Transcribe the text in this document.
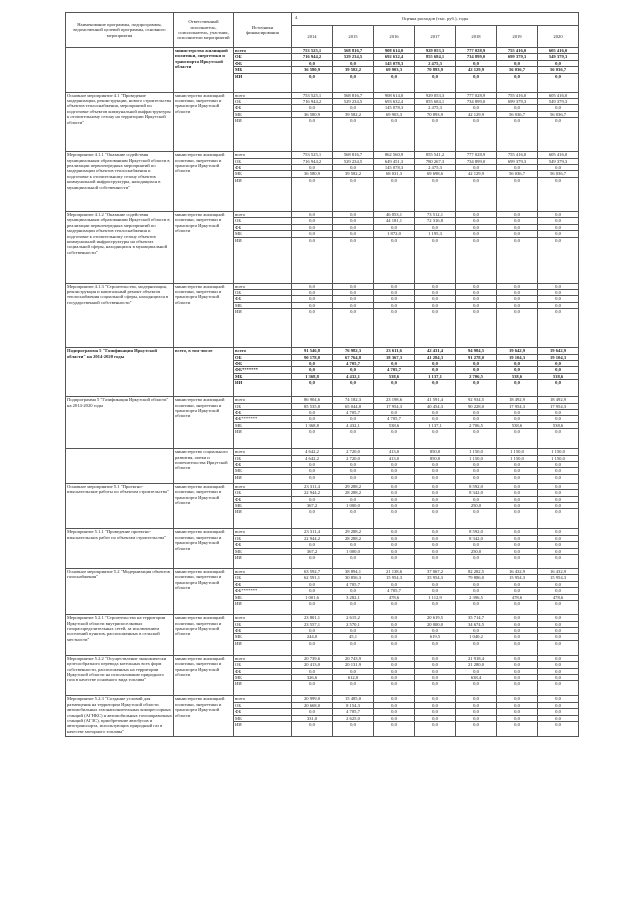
Наименование программы, подпрограммы, ведомственной целевой программы, основного мероприятия	Ответственный исполнитель, соисполнитель, участник, исполнители мероприятий	Источники финансирования	4 Оценка расходов (тыс. руб.), годы						

			2014	2015	2016	2017	2018	2019	2020
	министерство жилищной политики, энергетики и транспорта Иркутской области	всего	753 525,1	568 816,7	908 614,0	929 053,3	777 028,9	755 416,0	605 416,0
		ОБ	716 944,2	529 234,5	692 632,4	855 684,1	734 899,0	699 379,3	549 379,3
		ФБ	0,0	0,0	145 078,3	2 475,3	0,0	0,0	0,0
		МБ	36 580,9	39 582,2	69 903,3	70 893,9	42 129,9	56 036,7	56 036,7
		ИИ	0,0	0,0	0,0	0,0	0,0	0,0	0,0
Основное мероприятие 4.1 "Проведение модернизации, реконструкции, нового строительства объектов теплоснабжения, мероприятий по подготовке объектов коммунальной инфраструктуры к отопительному сезону на территории Иркутской области"	министерство жилищной политики, энергетики и транспорта Иркутской области	всего	753 525,1	568 816,7	908 614,0	929 053,3	777 028,9	755 416,0	605 416,0
		ОБ	716 944,2	529 234,5	693 632,4	855 684,1	734 899,0	699 379,3	549 379,3
		ФБ	0,0	0,0	145 078,3	2 475,3	0,0	0,0	0,0
		МБ	36 580,9	39 582,2	69 903,3	70 893,9	42 129,9	56 036,7	56 036,7
		ИИ	0,0	0,0	0,0	0,0	0,0	0,0	0,0
Мероприятие 4.1.1 "Оказание содействия муниципальным образованиям Иркутской области в реализации первоочередных мероприятий по модернизации объектов теплоснабжения и подготовке к отопительному сезону объектов коммунальной инфраструктуры, находящихся в муниципальной собственности"	министерство жилищной политики, энергетики и транспорта Иркутской области	всего	753 525,1	568 816,7	862 560,9	855 541,2	777 028,9	755 416,0	605 416,0
		ОБ	716 944,2	529 234,5	649 451,3	780 267,3	734 899,0	699 379,3	549 379,3
		ФБ	0,0	0,0	145 078,3	2 475,3	0,0	0,0	0,0
		МБ	36 580,9	39 582,2	68 031,3	69 698,6	42 129,9	56 036,7	56 036,7
		ИИ	0,0	0,0	0,0	0,0	0,0	0,0	0,0
Мероприятие 4.1.2 "Оказание содействия муниципальным образованиям Иркутской области в реализации первоочередных мероприятий по модернизации объектов теплоснабжения и подготовке к отопительному сезону объектов коммунальной инфраструктуры на объектах социальной сферы, находящихся в муниципальной собственности"	министерство жилищной политики, энергетики и транспорта Иркутской области	всего	0,0	0,0	46 053,1	73 512,1	0,0	0,0	0,0
		ОБ	0,0	0,0	44 181,1	72 316,8	0,0	0,0	0,0
		ФБ	0,0	0,0	0,0	0,0	0,0	0,0	0,0
		МБ	0,0	0,0	1 872,0	1 195,3	0,0	0,0	0,0
		ИИ	0,0	0,0	0,0	0,0	0,0	0,0	0,0
Мероприятие 4.1.3 "Строительство, модернизация, реконструкция и капитальный ремонт объектов теплоснабжения социальной сферы, находящихся в государственной собственности"	министерство жилищной политики, энергетики и транспорта Иркутской области	всего	0,0	0,0	0,0	0,0	0,0	0,0	0,0
		ОБ	0,0	0,0	0,0	0,0	0,0	0,0	0,0
		ФБ	0,0	0,0	0,0	0,0	0,0	0,0	0,0
		МБ	0,0	0,0	0,0	0,0	0,0	0,0	0,0
		ИИ	0,0	0,0	0,0	0,0	0,0	0,0	0,0
Подпрограмма 5 "Газификация Иркутской области" на 2014-2020 годы	всего, в том числе	всего	91 546,8	76 982,3	23 611,6	42 431,4	94 984,5	19 642,9	19 642,9
		ОБ	90 178,0	67 764,8	18 367,3	41 284,3	91 278,0	19 104,3	19 104,3
		ФБ	0,0	4 705,7	0,0	0,0	0,0	0,0	0,0
		ФБ*******	0,0	0,0	4 705,7	0,0	0,0	0,0	0,0
		МБ	1 368,8	4 432,1	538,6	1 137,1	2 706,5	538,6	538,6
		ИИ	0,0	0,0	0,0	0,0	0,0	0,0	0,0
Подпрограмма 5 "Газификация Иркутской области" на 2014-2020 годы	министерство жилищной политики, энергетики и транспорта Иркутской области	всего	86 904,6	74 182,3	23 198,6	41 591,4	92 934,5	18 492,9	18 492,9
		ОБ	85 535,8	65 044,8	17 954,3	40 454,3	90 228,0	17 954,3	17 954,3
		ФБ	0,0	4 705,7	0,0	0,0	0,0	0,0	0,0
		ФБ*******	0,0	0,0	4 705,7	0,0	0,0	0,0	0,0
		МБ	1 368,8	4 432,1	538,6	1 137,1	2 706,5	538,6	538,6
		ИИ	0,0	0,0	0,0	0,0	0,0	0,0	0,0
	министерство социального развития, опеки и попечительства Иркутской области	всего	4 642,2	2 720,0	413,0	850,0	1 150,0	1 150,0	1 150,0
		ОБ	4 642,2	2 720,0	413,0	850,0	1 150,0	1 150,0	1 150,0
		ФБ	0,0	0,0	0,0	0,0	0,0	0,0	0,0
		МБ	0,0	0,0	0,0	0,0	0,0	0,0	0,0
		ИИ	0,0	0,0	0,0	0,0	0,0	0,0	0,0
Основное мероприятие 5.1 "Проектно-изыскательские работы по объектам строительства"	министерство жилищной политики, энергетики и транспорта Иркутской области	всего	23 311,4	29 288,2	0,0	0,0	8 592,0	0,0	0,0
		ОБ	22 944,2	28 288,2	0,0	0,0	8 342,0	0,0	0,0
		ФБ	0,0	0,0	0,0	0,0	0,0	0,0	0,0
		МБ	367,2	1 000,0	0,0	0,0	250,0	0,0	0,0
		ИИ	0,0	0,0	0,0	0,0	0,0	0,0	0,0
Мероприятие 5.1.1 "Проведение проектно-изыскательских работ по объектам строительства"	министерство жилищной политики, энергетики и транспорта Иркутской области	всего	23 311,4	29 288,2	0,0	0,0	8 592,0	0,0	0,0
		ОБ	22 944,2	28 288,2	0,0	0,0	8 342,0	0,0	0,0
		ФБ	0,0	0,0	0,0	0,0	0,0	0,0	0,0
		МБ	367,2	1 000,0	0,0	0,0	250,0	0,0	0,0
		ИИ	0,0	0,0	0,0	0,0	0,0	0,0	0,0
Основное мероприятие 5.2 "Модернизация объектов газоснабжения"	министерство жилищной политики, энергетики и транспорта Иркутской области	всего	63 592,7	38 894,1	21 138,6	37 067,2	82 282,5	16 432,9	16 432,9
		ОБ	62 591,1	30 856,3	15 954,3	35 954,3	79 886,0	15 954,3	15 954,3
		ФБ	0,0	4 705,7	0,0	0,0	0,0	0,0	0,0
		ФБ*******	0,0	0,0	4 705,7	0,0	0,0	0,0	0,0
		МБ	1 001,6	3 282,1	478,6	1 112,9	2 396,5	478,6	478,6
		ИИ	0,0	0,0	0,0	0,0	0,0	0,0	0,0
Мероприятие 5.2.1 "Строительство на территории Иркутской области внутрипоселковых газораспределительных сетей, за исключением поселений пунктов, расположенных в сельской местности"	министерство жилищной политики, энергетики и транспорта Иркутской области	всего	23 801,1	2 615,2	0,0	20 619,5	35 714,7	0,0	0,0
		ОБ	23 557,1	2 570,1	0,0	20 000,0	34 674,5	0,0	0,0
		ФБ	0,0	0,0	0,0	0,0	0,0	0,0	0,0
		МБ	244,0	45,1	0,0	619,5	1 040,2	0,0	0,0
		ИИ	0,0	0,0	0,0	0,0	0,0	0,0	0,0
Мероприятие 5.2.2 "Осуществление экономически целесообразного перевода котельных всех форм собственности, расположенных на территории Иркутской области на использование природного газа в качестве основного вида топлива"	министерство жилищной политики, энергетики и транспорта Иркутской области	всего	20 739,6	20 743,9	0,0	0,0	21 918,4	0,0	0,0
		ОБ	20 413,0	20 131,9	0,0	0,0	21 280,0	0,0	0,0
		ФБ	0,0	0,0	0,0	0,0	0,0	0,0	0,0
		МБ	326,6	612,0	0,0	0,0	638,4	0,0	0,0
		ИИ	0,0	0,0	0,0	0,0	0,0	0,0	0,0
Мероприятие 5.2.3 "Создание условий для размещения на территории Иркутской области автомобильных газонаполнительных компрессорных станций (АГНКС) и автомобильных газозаправочных станций (АГЗС), приобретение автобусов и автотранспорта, использующих природный газ в качестве моторного топлива"	министерство жилищной политики, энергетики и транспорта Иркутской области	всего	20 999,0	15 485,0	0,0	0,0	0,0	0,0	0,0
		ОБ	20 668,0	8 154,3	0,0	0,0	0,0	0,0	0,0
		ФБ	0,0	4 705,7	0,0	0,0	0,0	0,0	0,0
		МБ	331,0	2 625,0	0,0	0,0	0,0	0,0	0,0
		ИИ	0,0	0,0	0,0	0,0	0,0	0,0	0,0
